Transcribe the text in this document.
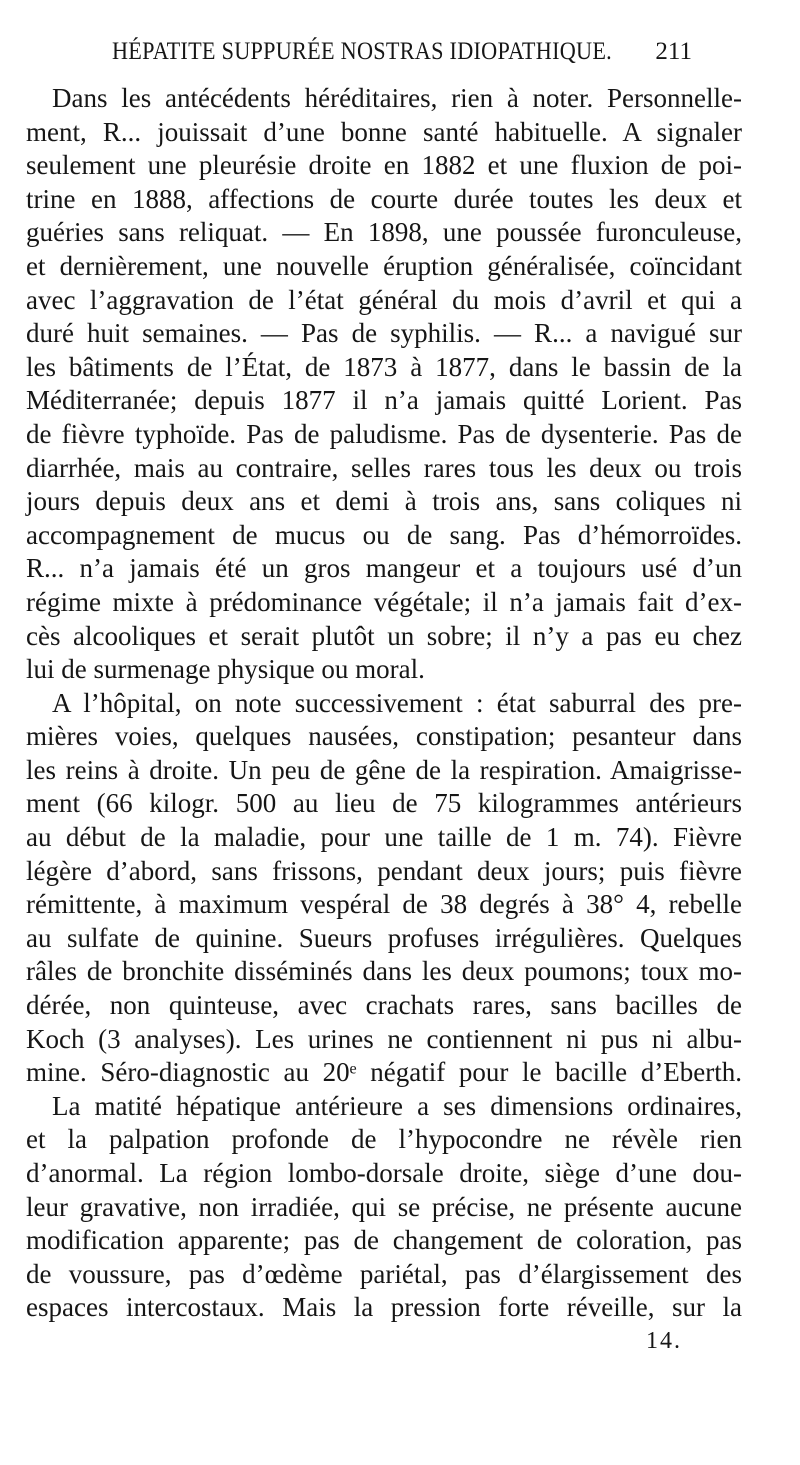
HÉPATITE SUPPURÉE NOSTRAS IDIOPATHIQUE. 211
Dans les antécédents héréditaires, rien à noter. Personnelle-
ment, R... jouissait d’une bonne santé habituelle. A signaler
seulement une pleurésie droite en 1882 et une fluxion de poi-
trine en 1888, affections de courte durée toutes les deux et
guéries sans reliquat. — En 1898, une poussée furonculeuse,
et dernièrement, une nouvelle éruption généralisée, coïncidant
avec l’aggravation de l’état général du mois d’avril et qui a
duré huit semaines. — Pas de syphilis. — R... a navigué sur
les bâtiments de l’État, de 1873 à 1877, dans le bassin de la
Méditerranée; depuis 1877 il n’a jamais quitté Lorient. Pas
de fièvre typhoïde. Pas de paludisme. Pas de dysenterie. Pas de
diarrhée, mais au contraire, selles rares tous les deux ou trois
jours depuis deux ans et demi à trois ans, sans coliques ni
accompagnement de mucus ou de sang. Pas d’hémorroïdes.
R... n’a jamais été un gros mangeur et a toujours usé d’un
régime mixte à prédominance végétale; il n’a jamais fait d’ex-
cès alcooliques et serait plutôt un sobre; il n’y a pas eu chez
lui de surmenage physique ou moral.
A l’hôpital, on note successivement : état saburral des pre-
mières voies, quelques nausées, constipation; pesanteur dans
les reins à droite. Un peu de gêne de la respiration. Amaigrisse-
ment (66 kilogr. 500 au lieu de 75 kilogrammes antérieurs
au début de la maladie, pour une taille de 1 m. 74). Fièvre
légère d’abord, sans frissons, pendant deux jours; puis fièvre
rémittente, à maximum vespéral de 38 degrés à 38° 4, rebelle
au sulfate de quinine. Sueurs profuses irrégulières. Quelques
râles de bronchite disséminés dans les deux poumons; toux mo-
dérée, non quinteuse, avec crachats rares, sans bacilles de
Koch (3 analyses). Les urines ne contiennent ni pus ni albu-
mine. Séro-diagnostic au 20ᵉ négatif pour le bacille d’Eberth.
La matité hépatique antérieure a ses dimensions ordinaires,
et la palpation profonde de l’hypocondre ne révèle rien
d’anormal. La région lombo-dorsale droite, siège d’une dou-
leur gravative, non irradiée, qui se précise, ne présente aucune
modification apparente; pas de changement de coloration, pas
de voussure, pas d’œdème pariétal, pas d’élargissement des
espaces intercostaux. Mais la pression forte réveille, sur la
14.
